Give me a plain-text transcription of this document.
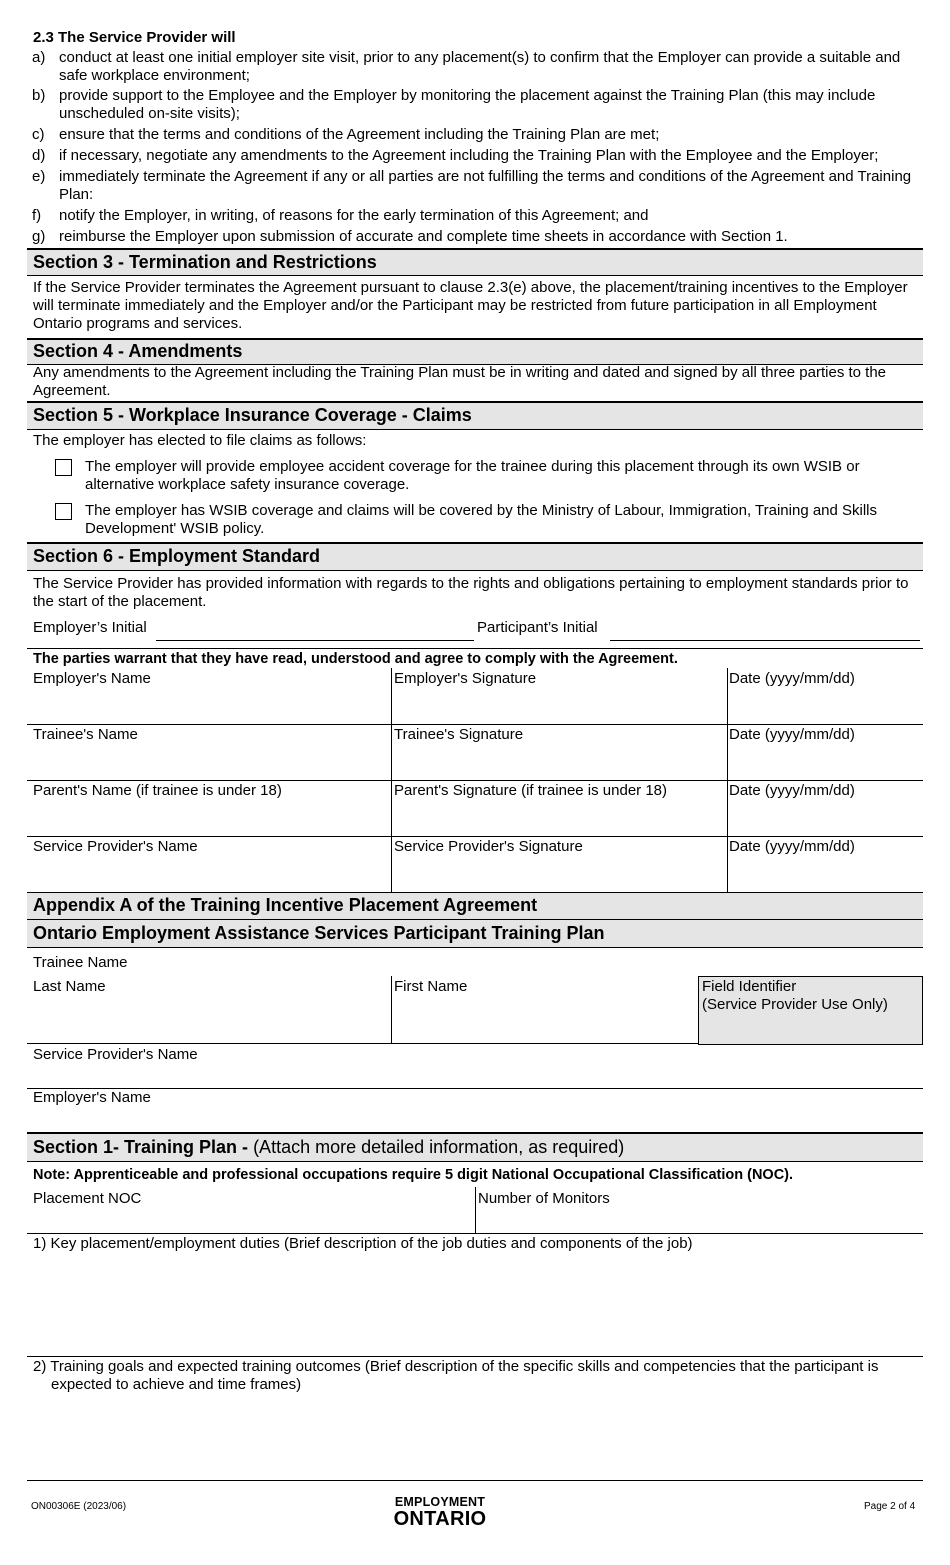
2.3 The Service Provider will
a) conduct at least one initial employer site visit, prior to any placement(s) to confirm that the Employer can provide a suitable and safe workplace environment;
b) provide support to the Employee and the Employer by monitoring the placement against the Training Plan (this may include unscheduled on-site visits);
c) ensure that the terms and conditions of the Agreement including the Training Plan are met;
d) if necessary, negotiate any amendments to the Agreement including the Training Plan with the Employee and the Employer;
e) immediately terminate the Agreement if any or all parties are not fulfilling the terms and conditions of the Agreement and Training Plan:
f)	notify the Employer, in writing, of reasons for the early termination of this Agreement; and
g) reimburse the Employer upon submission of accurate and complete time sheets in accordance with Section 1.
Section 3 - Termination and Restrictions
If the Service Provider terminates the Agreement pursuant to clause 2.3(e) above, the placement/training incentives to the Employer will terminate immediately and the Employer and/or the Participant may be restricted from future participation in all Employment Ontario programs and services.
Section 4 - Amendments
Any amendments to the Agreement including the Training Plan must be in writing and dated and signed by all three parties to the Agreement.
Section 5 - Workplace Insurance Coverage - Claims
The employer has elected to file claims as follows:
The employer will provide employee accident coverage for the trainee during this placement through its own WSIB or alternative workplace safety insurance coverage.
The employer has WSIB coverage and claims will be covered by the Ministry of Labour, Immigration, Training and Skills Development' WSIB policy.
Section 6 - Employment Standard
The Service Provider has provided information with regards to the rights and obligations pertaining to employment standards prior to the start of the placement.
Employer’s Initial	Participant’s Initial
The parties warrant that they have read, understood and agree to comply with the Agreement.
Employer's Name	Employer's Signature	Date (yyyy/mm/dd)
Trainee's Name	Trainee's Signature	Date (yyyy/mm/dd)
Parent's Name (if trainee is under 18)	Parent's Signature (if trainee is under 18)	Date (yyyy/mm/dd)
Service Provider's Name	Service Provider's Signature	Date (yyyy/mm/dd)
Appendix A of the Training Incentive Placement Agreement
Ontario Employment Assistance Services Participant Training Plan
Trainee Name
Last Name	First Name	Field Identifier
(Service Provider Use Only)
Service Provider's Name
Employer's Name
Section 1- Training Plan - (Attach more detailed information, as required)
Note: Apprenticeable and professional occupations require 5 digit National Occupational Classification (NOC).
Placement NOC	Number of Monitors
1) Key placement/employment duties (Brief description of the job duties and components of the job)
2) Training goals and expected training outcomes (Brief description of the specific skills and competencies that the participant is
expected to achieve and time frames)
ON00306E (2023/06)	EMPLOYMENT
ONTARIO
Page 2 of 4
